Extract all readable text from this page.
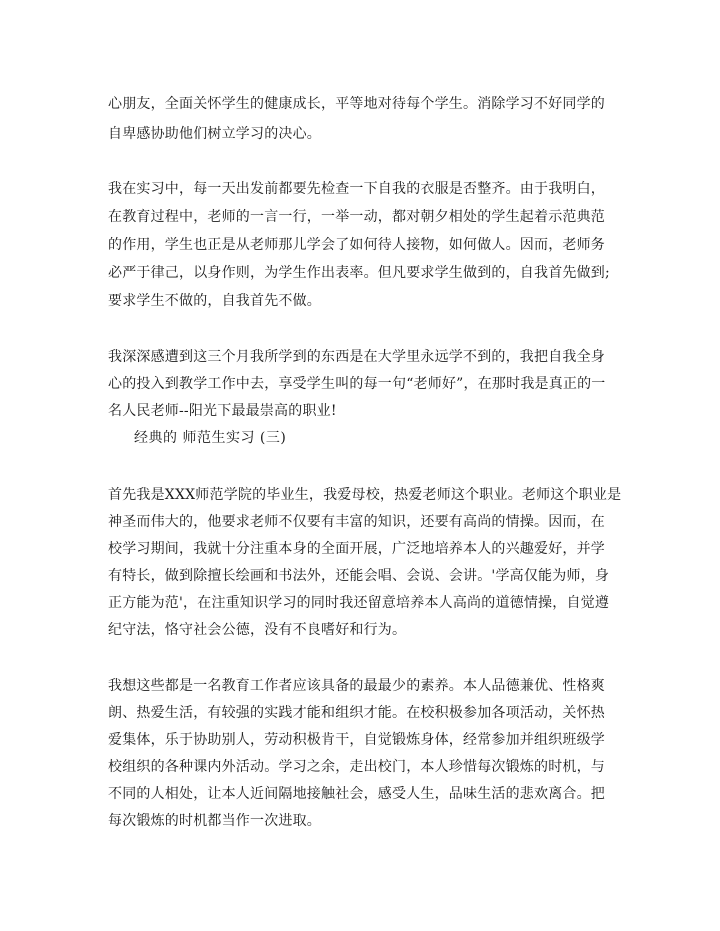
心朋友，全面关怀学生的健康成长，平等地对待每个学生。消除学习不好同学的
自卑感协助他们树立学习的决心。
我在实习中，每一天出发前都要先检查一下自我的衣服是否整齐。由于我明白，
在教育过程中，老师的一言一行，一举一动，都对朝夕相处的学生起着示范典范
的作用，学生也正是从老师那儿学会了如何待人接物，如何做人。因而，老师务
必严于律己，以身作则，为学生作出表率。但凡要求学生做到的，自我首先做到;
要求学生不做的，自我首先不做。
我深深感遭到这三个月我所学到的东西是在大学里永远学不到的，我把自我全身
心的投入到教学工作中去，享受学生叫的每一句“老师好”，在那时我是真正的一
名人民老师--阳光下最最崇高的职业!
经典的 师范生实习 (三)
首先我是XXX师范学院的毕业生，我爱母校，热爱老师这个职业。老师这个职业是
神圣而伟大的，他要求老师不仅要有丰富的知识，还要有高尚的情操。因而，在
校学习期间，我就十分注重本身的全面开展，广泛地培养本人的兴趣爱好，并学
有特长，做到除擅长绘画和书法外，还能会唱、会说、会讲。'学高仅能为师，身
正方能为范'，在注重知识学习的同时我还留意培养本人高尚的道德情操，自觉遵
纪守法，恪守社会公德，没有不良嗜好和行为。
我想这些都是一名教育工作者应该具备的最最少的素养。本人品德兼优、性格爽
朗、热爱生活，有较强的实践才能和组织才能。在校积极参加各项活动，关怀热
爱集体，乐于协助别人，劳动积极肯干，自觉锻炼身体，经常参加并组织班级学
校组织的各种课内外活动。学习之余，走出校门，本人珍惜每次锻炼的时机，与
不同的人相处，让本人近间隔地接触社会，感受人生，品味生活的悲欢离合。把
每次锻炼的时机都当作一次进取。
